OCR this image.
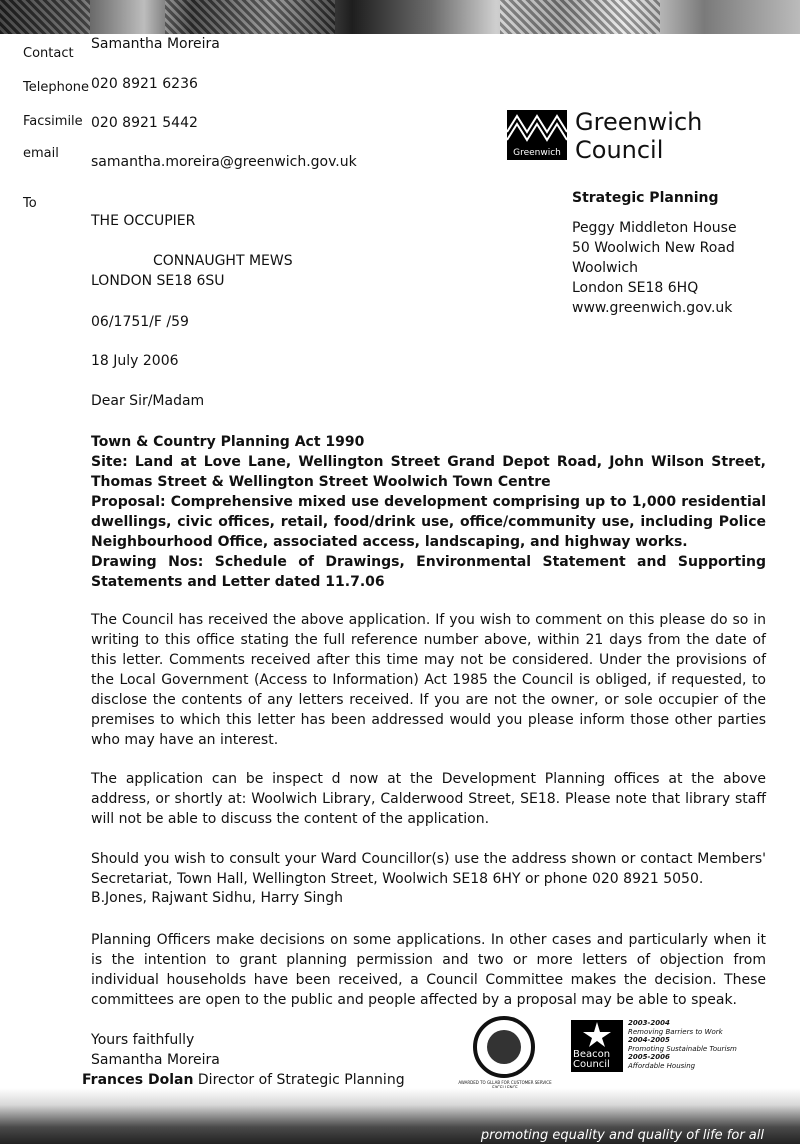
Contact
Samantha Moreira
Telephone 020 8921 6236
Facsimile 020 8921 5442
email
samantha.moreira@greenwich.gov.uk
To
Greenwich
Greenwich
Council
Strategic Planning
Peggy Middleton House
50 Woolwich New Road
Woolwich
London SE18 6HQ
www.greenwich.gov.uk
THE OCCUPIER
CONNAUGHT MEWS
LONDON SE18 6SU
06/1751/F /59
18 July 2006
Dear Sir/Madam
Town & Country Planning Act 1990
Site: Land at Love Lane, Wellington Street Grand Depot Road, John Wilson Street, Thomas Street & Wellington Street Woolwich Town Centre
Proposal: Comprehensive mixed use development comprising up to 1,000 residential dwellings, civic offices, retail, food/drink use, office/community use, including Police Neighbourhood Office, associated access, landscaping, and highway works.
Drawing Nos: Schedule of Drawings, Environmental Statement and Supporting Statements and Letter dated 11.7.06

The Council has received the above application. If you wish to comment on this please do so in writing to this office stating the full reference number above, within 21 days from the date of this letter. Comments received after this time may not be considered. Under the provisions of the Local Government (Access to Information) Act 1985 the Council is obliged, if requested, to disclose the contents of any letters received. If you are not the owner, or sole occupier of the premises to which this letter has been addressed would you please inform those other parties who may have an interest.

The application can be inspect d now at the Development Planning offices at the above address, or shortly at: Woolwich Library, Calderwood Street, SE18. Please note that library staff will not be able to discuss the content of the application.

Should you wish to consult your Ward Councillor(s) use the address shown or contact Members' Secretariat, Town Hall, Wellington Street, Woolwich SE18 6HY or phone 020 8921 5050.

B.Jones, Rajwant Sidhu, Harry Singh

Planning Officers make decisions on some applications. In other cases and particularly when it is the intention to grant planning permission and two or more letters of objection from individual households have been received, a Council Committee makes the decision. These committees are open to the public and people affected by a proposal may be able to speak.

Yours faithfully
Samantha Moreira
Frances Dolan Director of Strategic Planning	AWARDED TO GLLAB FOR CUSTOMER SERVICE
Beacon Council
2003-2004
Removing Barriers to Work
2004-2005
Promoting Sustainable Tourism
2005-2006
Affordable Housing
promoting equality and quality of life for all
